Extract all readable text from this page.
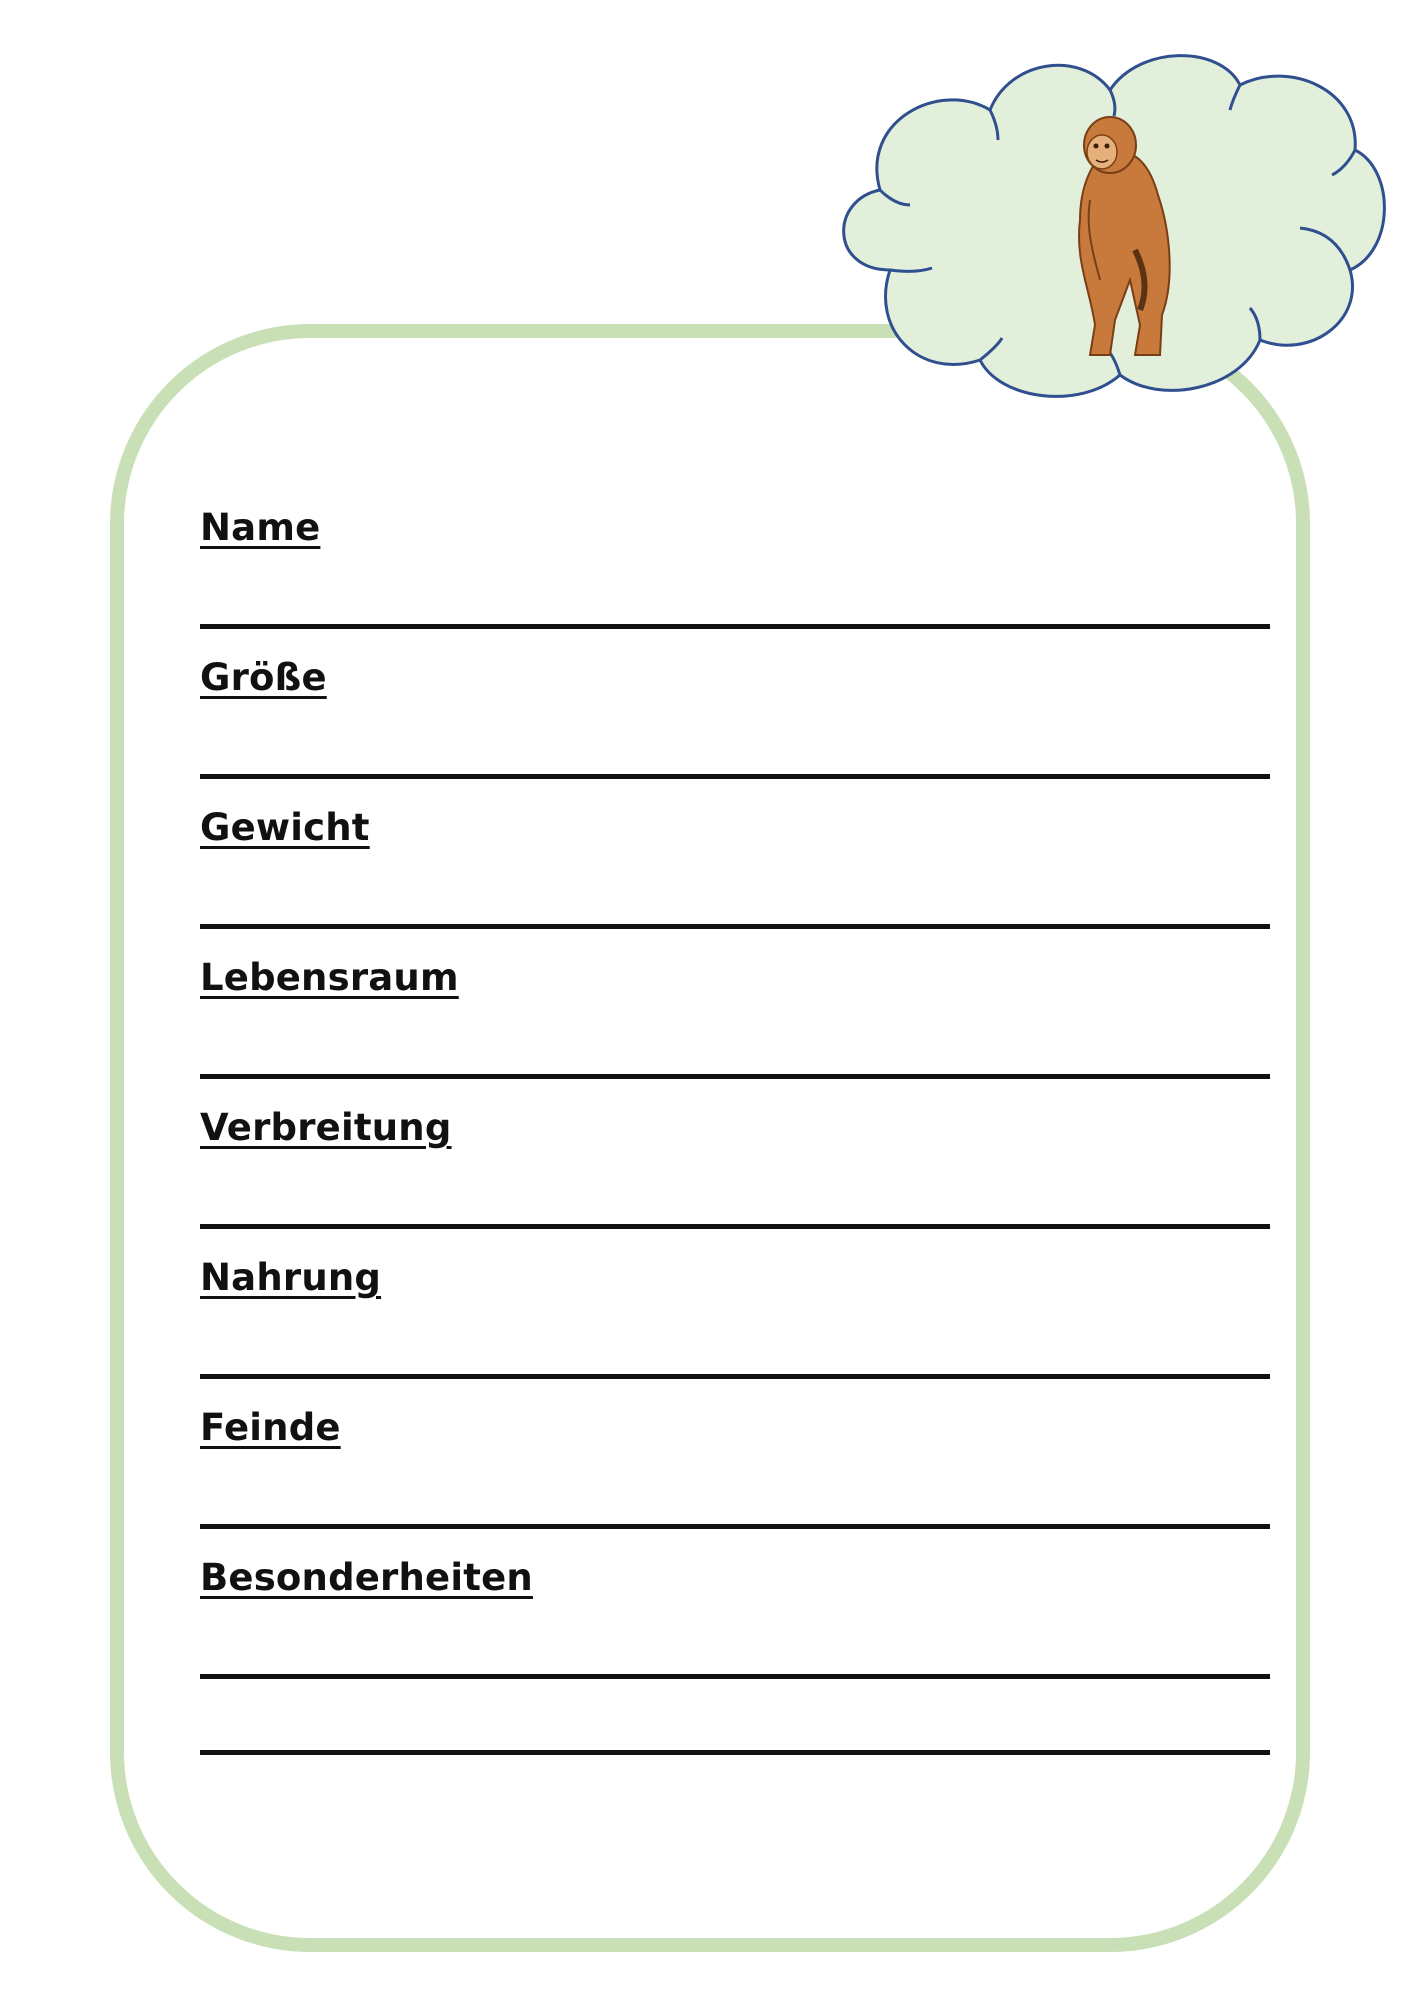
Name
Größe
Gewicht
Lebensraum
Verbreitung
Nahrung
Feinde
Besonderheiten
